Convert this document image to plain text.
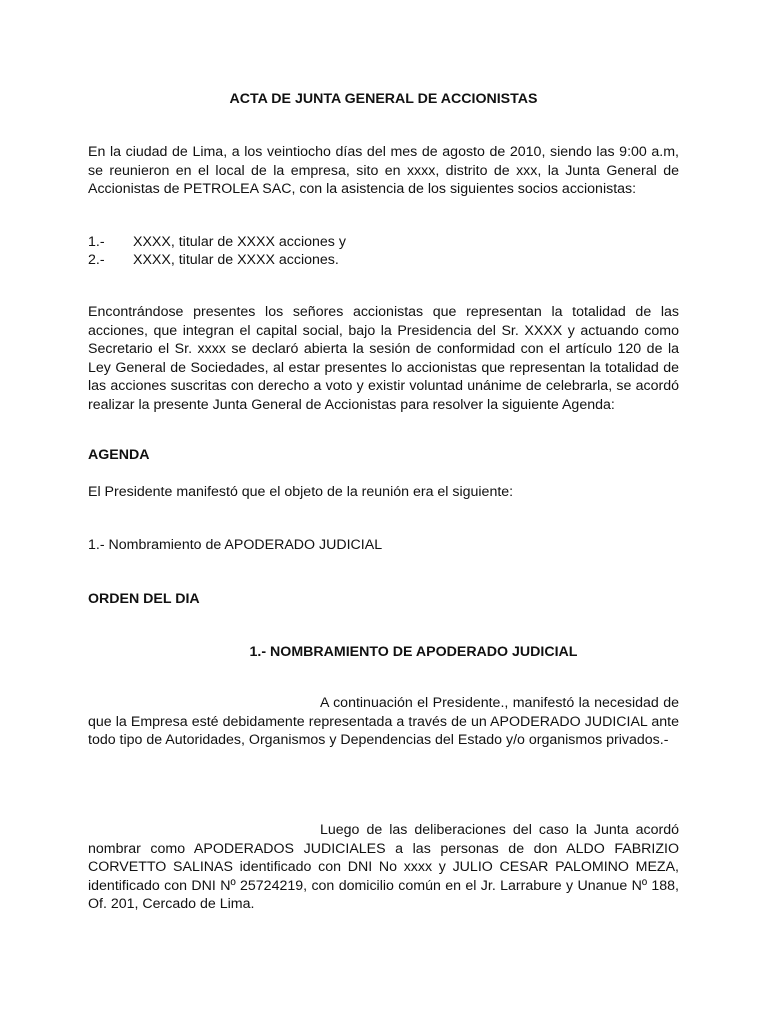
ACTA DE JUNTA GENERAL DE ACCIONISTAS

En la ciudad de Lima, a los veintiocho días del mes de agosto de 2010, siendo las 9:00 a.m, se reunieron en el local de la empresa, sito en xxxx, distrito de xxx, la Junta General de Accionistas de PETROLEA SAC, con la asistencia de los siguientes socios accionistas:

1.- XXXX, titular de XXXX acciones y
2.- XXXX, titular de XXXX acciones.

Encontrándose presentes los señores accionistas que representan la totalidad de las acciones, que integran el capital social, bajo la Presidencia del Sr. XXXX y actuando como Secretario el Sr. xxxx se declaró abierta la sesión de conformidad con el artículo 120 de la Ley General de Sociedades, al estar presentes lo accionistas que representan la totalidad de las acciones suscritas con derecho a voto y existir voluntad unánime de celebrarla, se acordó realizar la presente Junta General de Accionistas para resolver la siguiente Agenda:

AGENDA
El Presidente manifestó que el objeto de la reunión era el siguiente:
1.- Nombramiento de APODERADO JUDICIAL
ORDEN DEL DIA
1.- NOMBRAMIENTO DE APODERADO JUDICIAL

A continuación el Presidente., manifestó la necesidad de que la Empresa esté debidamente representada a través de un APODERADO JUDICIAL ante todo tipo de Autoridades, Organismos y Dependencias del Estado y/o organismos privados.-

Luego de las deliberaciones del caso la Junta acordó nombrar como APODERADOS JUDICIALES a las personas de don ALDO FABRIZIO CORVETTO SALINAS identificado con DNI No xxxx y JULIO CESAR PALOMINO MEZA, identificado con DNI Nº 25724219, con domicilio común en el Jr. Larrabure y Unanue Nº 188, Of. 201, Cercado de Lima.
